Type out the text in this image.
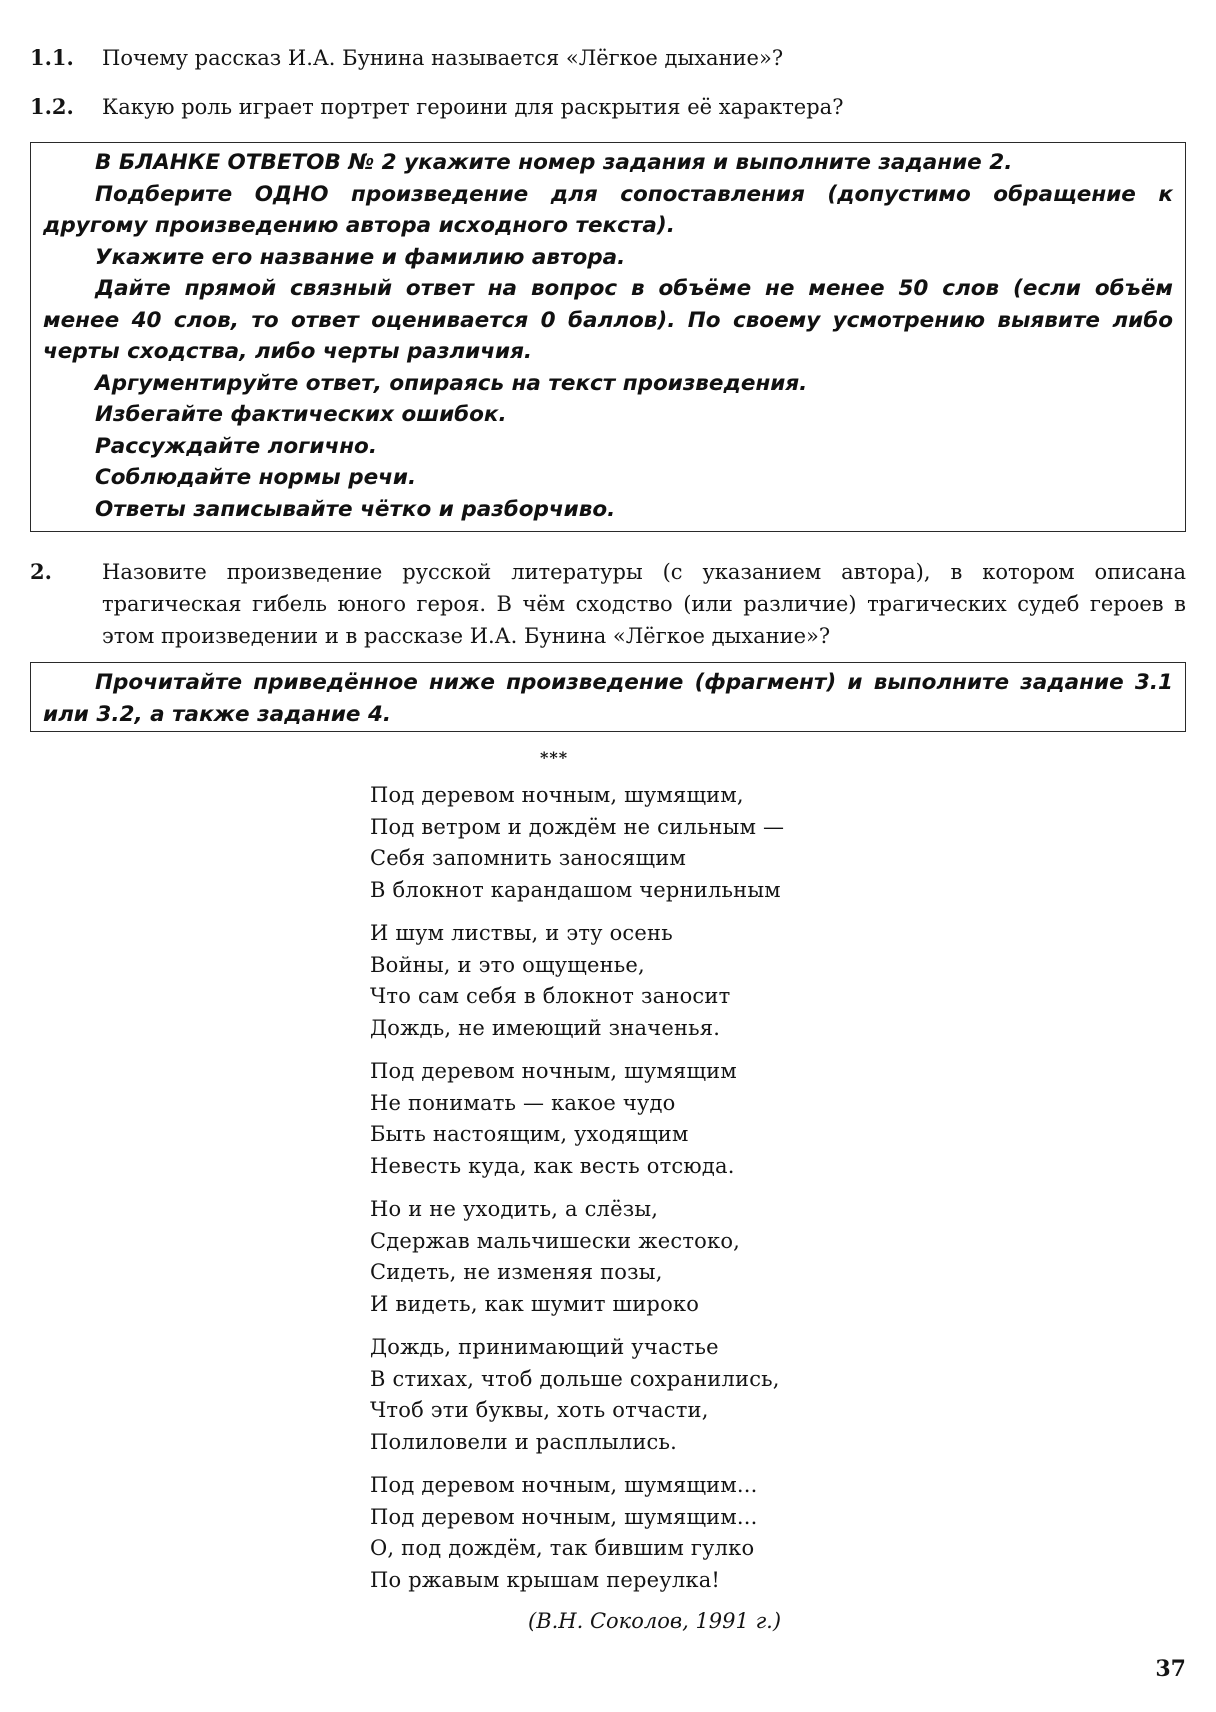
1.1.	Почему рассказ И.А. Бунина называется «Лёгкое дыхание»?
1.2.	Какую роль играет портрет героини для раскрытия её характера?

В БЛАНКЕ ОТВЕТОВ № 2 укажите номер задания и выполните задание 2.

Подберите ОДНО произведение для сопоставления (допустимо обращение к другому произведению автора исходного текста).

Укажите его название и фамилию автора.

Дайте прямой связный ответ на вопрос в объёме не менее 50 слов (если объём менее 40 слов, то ответ оценивается 0 баллов). По своему усмотрению выявите либо черты сходства, либо черты различия.

Аргументируйте ответ, опираясь на текст произведения.

Избегайте фактических ошибок.

Рассуждайте логично.

Соблюдайте нормы речи.

Ответы записывайте чётко и разборчиво.

2.	Назовите произведение русской литературы (с указанием автора), в котором описана трагическая гибель юного героя. В чём сходство (или различие) трагических судеб героев в этом произведении и в рассказе И.А. Бунина «Лёгкое дыхание»?

Прочитайте приведённое ниже произведение (фрагмент) и выполните задание 3.1 или 3.2, а также задание 4.

***
Под деревом ночным, шумящим,
Под ветром и дождём не сильным —
Себя запомнить заносящим
В блокнот карандашом чернильным
И шум листвы, и эту осень
Войны, и это ощущенье,
Что сам себя в блокнот заносит
Дождь, не имеющий значенья.
Под деревом ночным, шумящим
Не понимать — какое чудо
Быть настоящим, уходящим
Невесть куда, как весть отсюда.
Но и не уходить, а слёзы,
Сдержав мальчишески жестоко,
Сидеть, не изменяя позы,
И видеть, как шумит широко
Дождь, принимающий участье
В стихах, чтоб дольше сохранились,
Чтоб эти буквы, хоть отчасти,
Полиловели и расплылись.
Под деревом ночным, шумящим...
Под деревом ночным, шумящим...
О, под дождём, так бившим гулко
По ржавым крышам переулка!
(В.Н. Соколов, 1991 г.)
37
